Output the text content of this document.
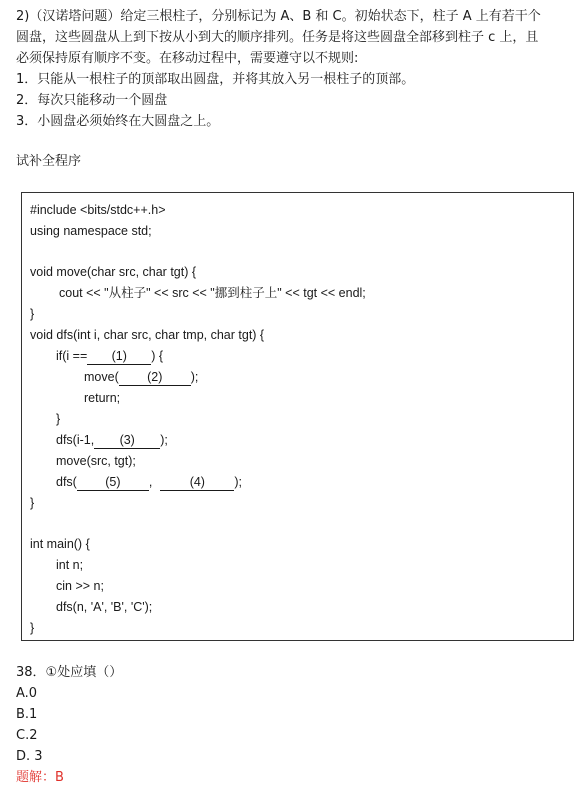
2)（汉诺塔问题）给定三根柱子，分别标记为 A、B 和 C。初始状态下，柱子 A 上有若干个
圆盘，这些圆盘从上到下按从小到大的顺序排列。任务是将这些圆盘全部移到柱子 c 上，且
必须保持原有顺序不变。在移动过程中，需要遵守以不规则:
1．只能从一根柱子的顶部取出圆盘，并将其放入另一根柱子的顶部。
2．每次只能移动一个圆盘
3．小圆盘必须始终在大圆盘之上。
试补全程序
#include <bits/stdc++.h>
using namespace std;
void move(char src, char tgt) {
cout << "从柱子" << src << "挪到柱子上" << tgt << endl;
}
void dfs(int i, char src, char tmp, char tgt) {
if(i == (1) ) {
move( (2) );
return;
}
dfs(i-1, (3) );
move(src, tgt);
dfs( (5) ,	(4) );
}
int main() {
int n;
cin >> n;
dfs(n, 'A', 'B', 'C');
}
38．①处应填（）
A.0
B.1
C.2
D. 3
题解：B
